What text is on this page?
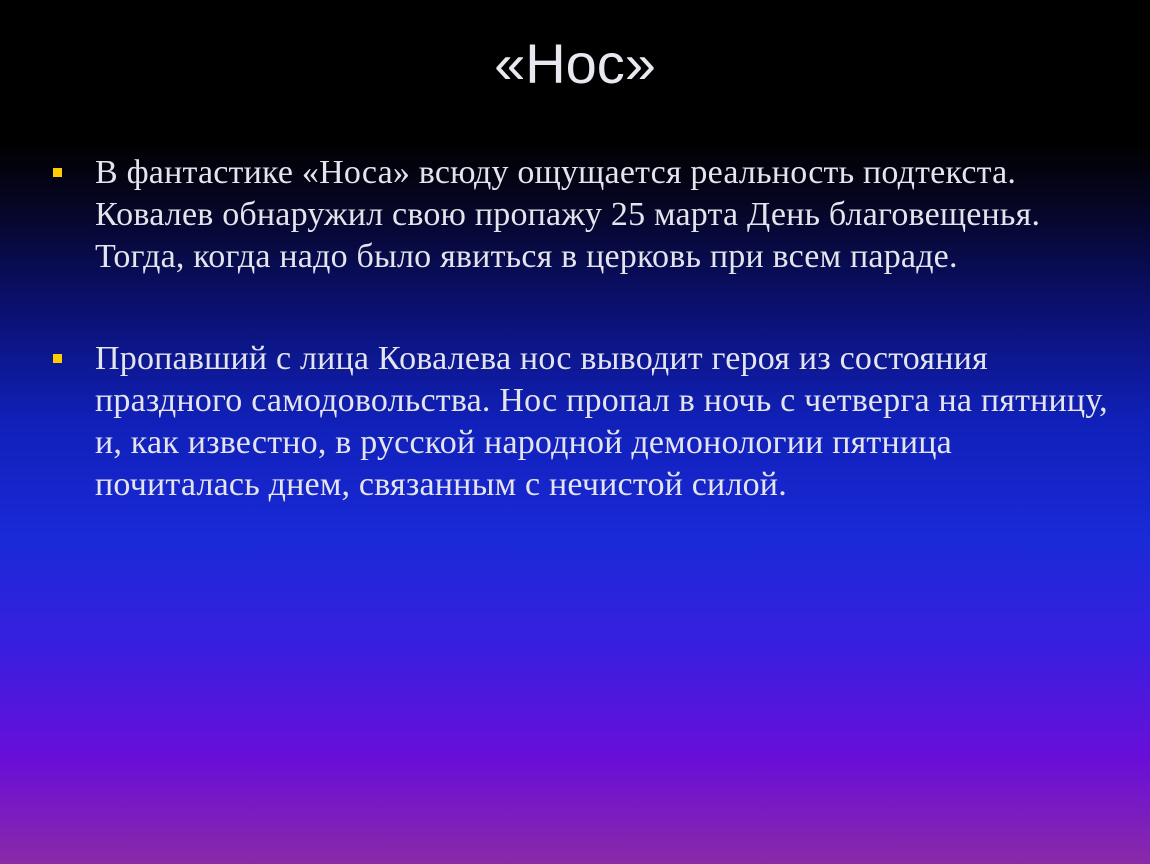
«Нос»
В фантастике «Носа» всюду ощущается реальность подтекста. Ковалев обнаружил свою пропажу 25 марта День благовещенья. Тогда, когда надо было явиться в церковь при всем параде.
Пропавший с лица Ковалева нос выводит героя из состояния праздного самодовольства. Нос пропал в ночь с четверга на пятницу, и, как известно, в русской народной демонологии пятница почиталась днем, связанным с нечистой силой.
